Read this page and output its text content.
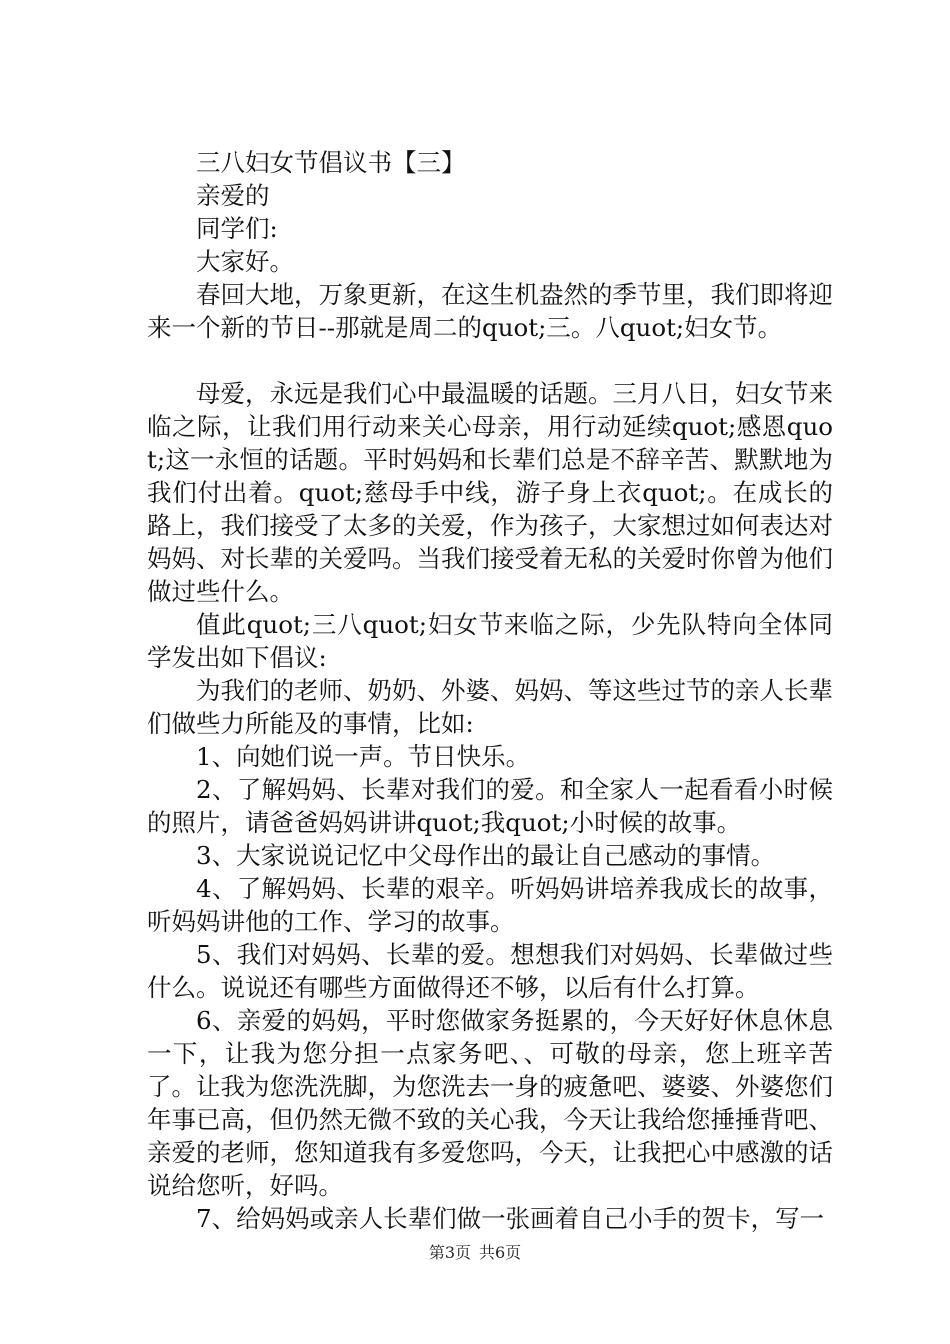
三八妇女节倡议书【三】

亲爱的

同学们:

大家好。

春回大地，万象更新，在这生机盎然的季节里，我们即将迎来一个新的节日--那就是周二的quot;三。八quot;妇女节。

母爱，永远是我们心中最温暖的话题。三月八日，妇女节来临之际，让我们用行动来关心母亲，用行动延续quot;感恩quot;这一永恒的话题。平时妈妈和长辈们总是不辞辛苦、默默地为我们付出着。quot;慈母手中线，游子身上衣quot;。在成长的路上，我们接受了太多的关爱，作为孩子，大家想过如何表达对妈妈、对长辈的关爱吗。当我们接受着无私的关爱时你曾为他们做过些什么。

值此quot;三八quot;妇女节来临之际，少先队特向全体同学发出如下倡议:

为我们的老师、奶奶、外婆、妈妈、等这些过节的亲人长辈们做些力所能及的事情，比如:

1、向她们说一声。节日快乐。

2、了解妈妈、长辈对我们的爱。和全家人一起看看小时候的照片，请爸爸妈妈讲讲quot;我quot;小时候的故事。

3、大家说说记忆中父母作出的最让自己感动的事情。

4、了解妈妈、长辈的艰辛。听妈妈讲培养我成长的故事，听妈妈讲他的工作、学习的故事。

5、我们对妈妈、长辈的爱。想想我们对妈妈、长辈做过些什么。说说还有哪些方面做得还不够，以后有什么打算。

6、亲爱的妈妈，平时您做家务挺累的，今天好好休息休息一下，让我为您分担一点家务吧、、可敬的母亲，您上班辛苦了。让我为您洗洗脚，为您洗去一身的疲惫吧、婆婆、外婆您们年事已高，但仍然无微不致的关心我，今天让我给您捶捶背吧、亲爱的老师，您知道我有多爱您吗，今天，让我把心中感激的话说给您听，好吗。

7、给妈妈或亲人长辈们做一张画着自己小手的贺卡，写一

第3页 共6页
